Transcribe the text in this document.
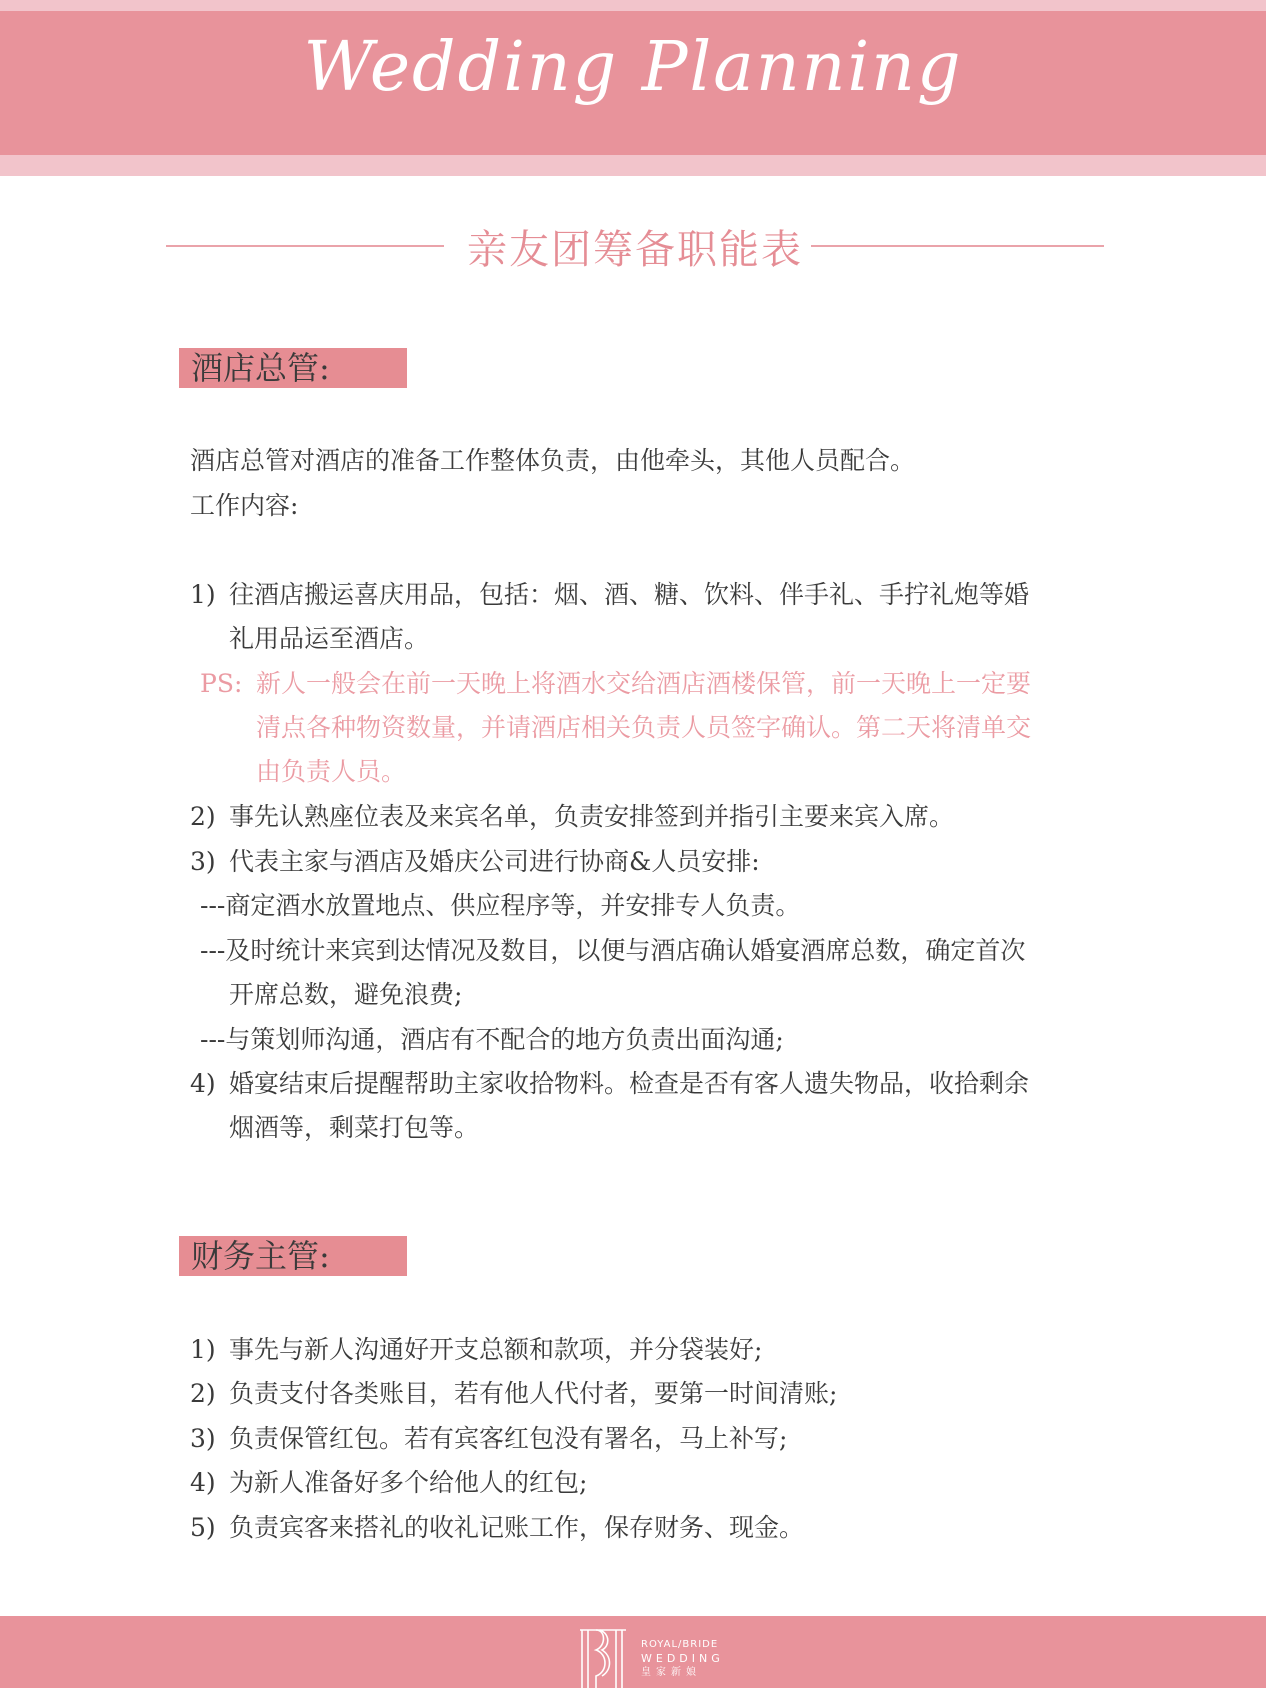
Wedding Planning
亲友团筹备职能表
酒店总管:
酒店总管对酒店的准备工作整体负责，由他牵头，其他人员配合。
工作内容:
1) 往酒店搬运喜庆用品，包括：烟、酒、糖、饮料、伴手礼、手拧礼炮等婚
礼用品运至酒店。
PS: 新人一般会在前一天晚上将酒水交给酒店酒楼保管，前一天晚上一定要
清点各种物资数量，并请酒店相关负责人员签字确认。第二天将清单交
由负责人员。
2) 事先认熟座位表及来宾名单，负责安排签到并指引主要来宾入席。
3) 代表主家与酒店及婚庆公司进行协商&人员安排:
---商定酒水放置地点、供应程序等，并安排专人负责。
---及时统计来宾到达情况及数目，以便与酒店确认婚宴酒席总数，确定首次
开席总数，避免浪费;
---与策划师沟通，酒店有不配合的地方负责出面沟通;
4) 婚宴结束后提醒帮助主家收拾物料。检查是否有客人遗失物品，收拾剩余
烟酒等，剩菜打包等。
财务主管:
1) 事先与新人沟通好开支总额和款项，并分袋装好;
2) 负责支付各类账目，若有他人代付者，要第一时间清账;
3) 负责保管红包。若有宾客红包没有署名，马上补写;
4) 为新人准备好多个给他人的红包;
5) 负责宾客来搭礼的收礼记账工作，保存财务、现金。
ROYAL/BRIDE
WEDDING
皇家新娘
